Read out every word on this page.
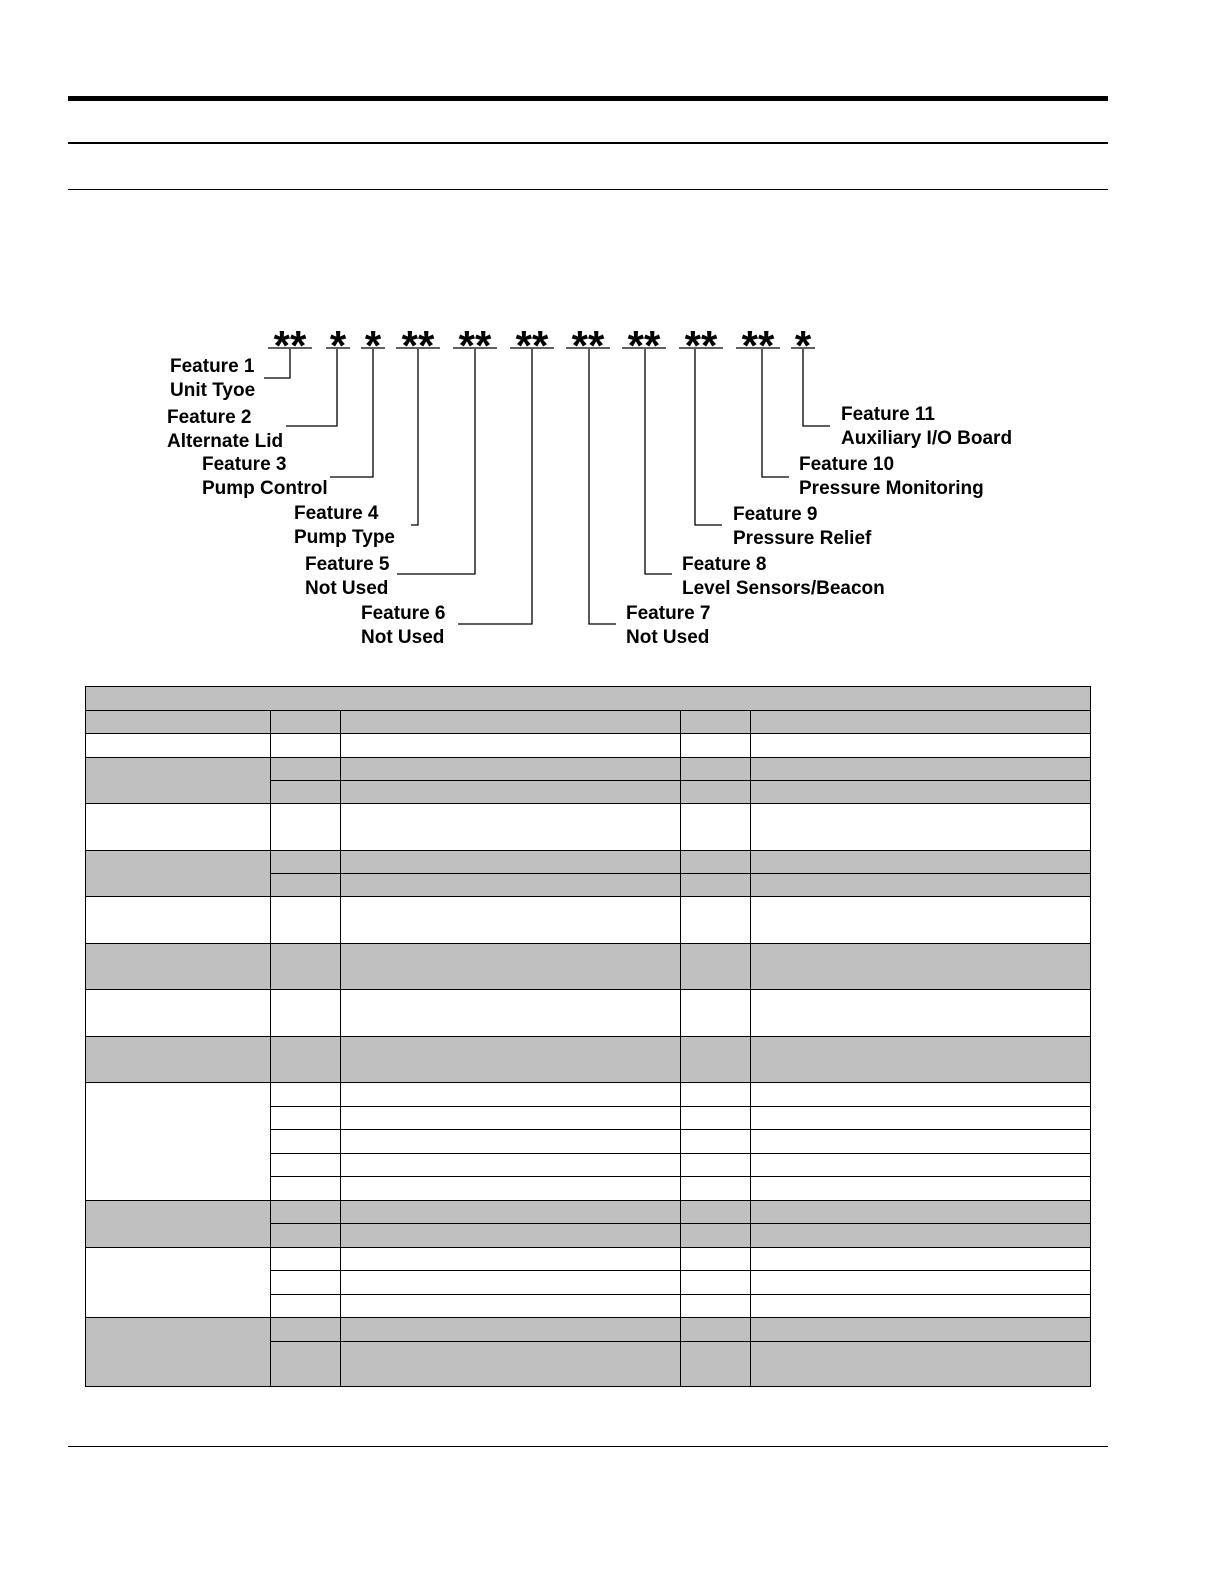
** * * ** ** ** ** ** ** ** *
Feature 1
Unit Tyoe
Feature 2
Alternate Lid
Feature 3
Pump Control
Feature 4
Pump Type
Feature 5
Not Used
Feature 6
Not Used
Feature 7
Not Used
Feature 8
Level Sensors/Beacon
Feature 9
Pressure Relief
Feature 10
Pressure Monitoring
Feature 11
Auxiliary I/O Board
